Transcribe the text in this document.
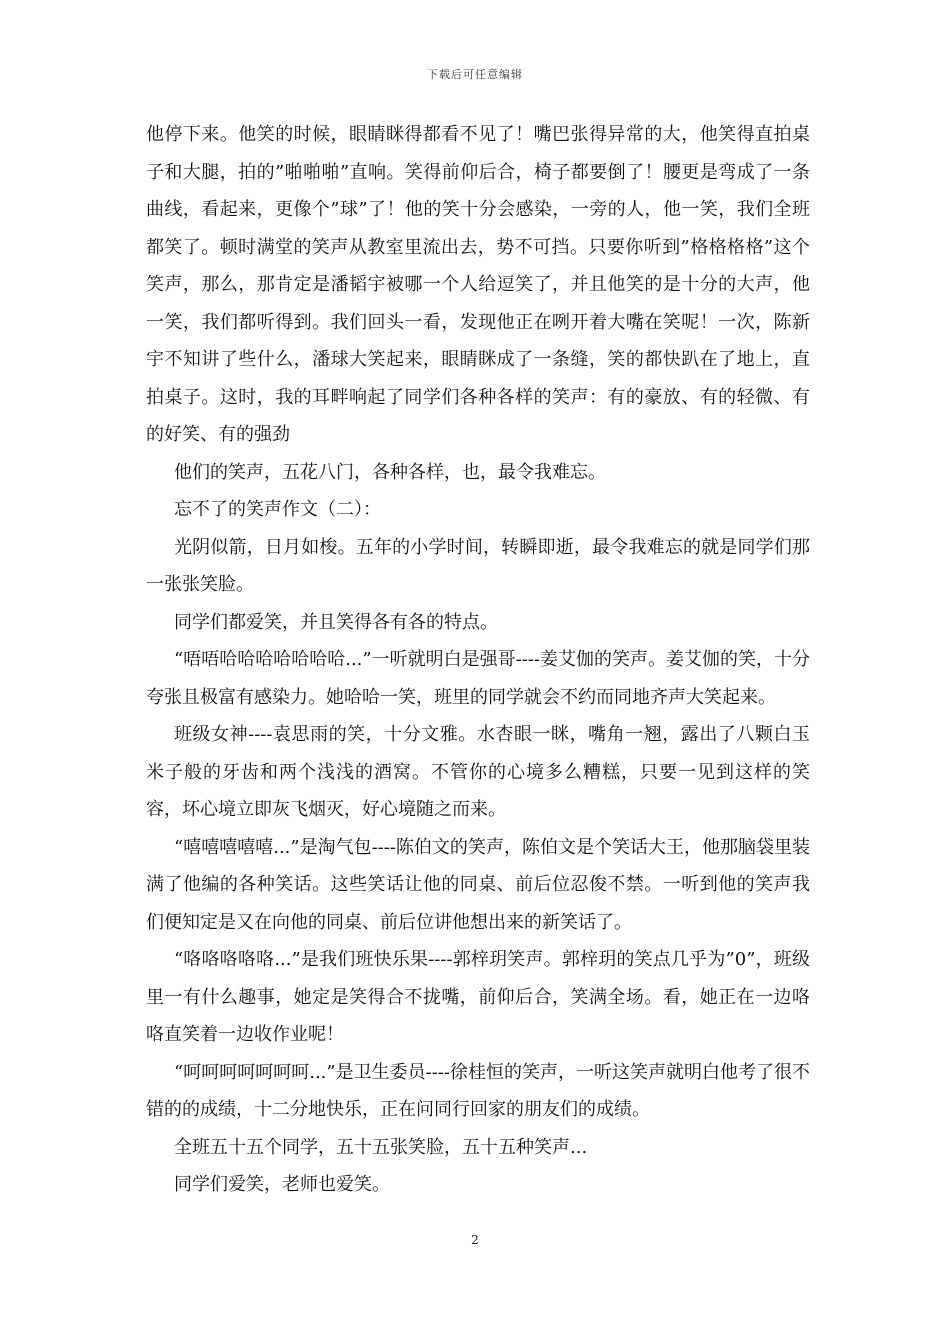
下载后可任意编辑

他停下来。他笑的时候，眼睛眯得都看不见了！嘴巴张得异常的大，他笑得直拍桌子和大腿，拍的”啪啪啪”直响。笑得前仰后合，椅子都要倒了！腰更是弯成了一条曲线，看起来，更像个”球”了！他的笑十分会感染，一旁的人，他一笑，我们全班都笑了。顿时满堂的笑声从教室里流出去，势不可挡。只要你听到”格格格格”这个笑声，那么，那肯定是潘韬宇被哪一个人给逗笑了，并且他笑的是十分的大声，他一笑，我们都听得到。我们回头一看，发现他正在咧开着大嘴在笑呢！一次，陈新宇不知讲了些什么，潘球大笑起来，眼睛眯成了一条缝，笑的都快趴在了地上，直拍桌子。这时，我的耳畔响起了同学们各种各样的笑声：有的豪放、有的轻微、有的好笑、有的强劲

他们的笑声，五花八门，各种各样，也，最令我难忘。

忘不了的笑声作文（二）：

光阴似箭，日月如梭。五年的小学时间，转瞬即逝，最令我难忘的就是同学们那一张张笑脸。

同学们都爱笑，并且笑得各有各的特点。

“唔唔哈哈哈哈哈哈哈...”一听就明白是强哥----姜艾伽的笑声。姜艾伽的笑，十分夸张且极富有感染力。她哈哈一笑，班里的同学就会不约而同地齐声大笑起来。

班级女神----袁思雨的笑，十分文雅。水杏眼一眯，嘴角一翘，露出了八颗白玉米子般的牙齿和两个浅浅的酒窝。不管你的心境多么糟糕，只要一见到这样的笑容，坏心境立即灰飞烟灭，好心境随之而来。

“嘻嘻嘻嘻嘻...”是淘气包----陈伯文的笑声，陈伯文是个笑话大王，他那脑袋里装满了他编的各种笑话。这些笑话让他的同桌、前后位忍俊不禁。一听到他的笑声我们便知定是又在向他的同桌、前后位讲他想出来的新笑话了。

“咯咯咯咯咯...”是我们班快乐果----郭梓玥笑声。郭梓玥的笑点几乎为”0”，班级里一有什么趣事，她定是笑得合不拢嘴，前仰后合，笑满全场。看，她正在一边咯咯直笑着一边收作业呢！

“呵呵呵呵呵呵呵...”是卫生委员----徐桂恒的笑声，一听这笑声就明白他考了很不错的的成绩，十二分地快乐，正在问同行回家的朋友们的成绩。

全班五十五个同学，五十五张笑脸，五十五种笑声...

同学们爱笑，老师也爱笑。

2
